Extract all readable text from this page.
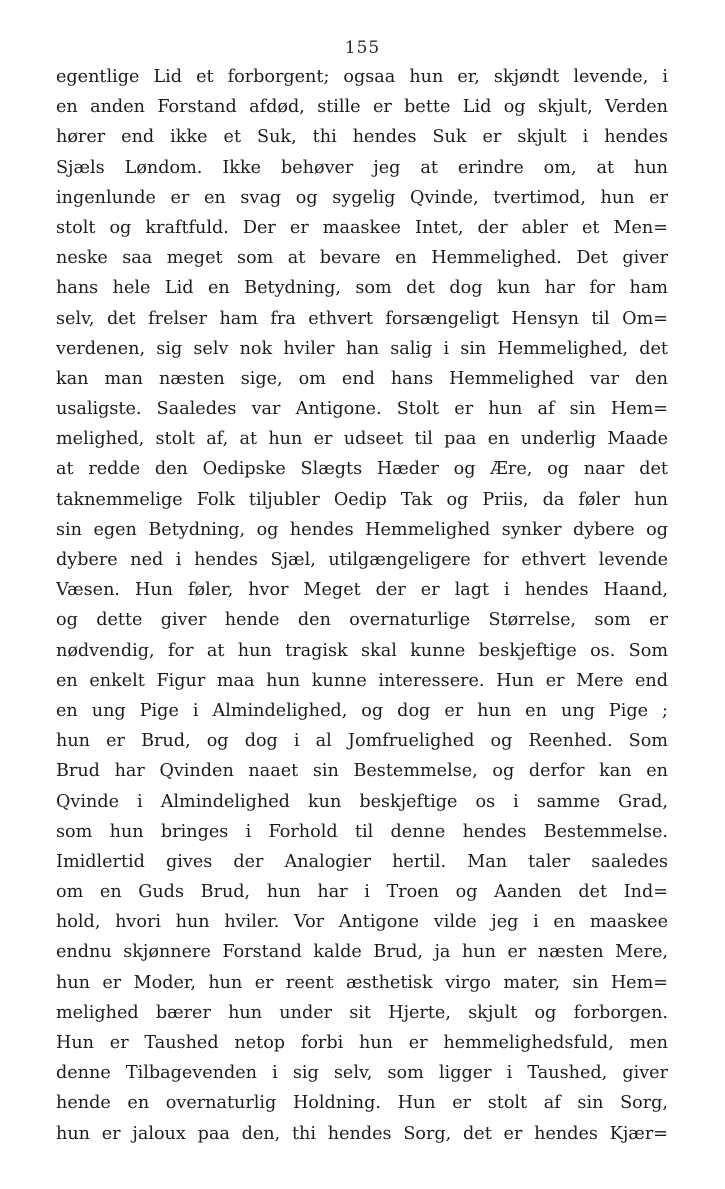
155
egentlige Lid et forborgent; ogsaa hun er, skjøndt levende, i
en anden Forstand afdød, stille er bette Lid og skjult, Verden
hører end ikke et Suk, thi hendes Suk er skjult i hendes
Sjæls Løndom. Ikke behøver jeg at erindre om, at hun
ingenlunde er en svag og sygelig Qvinde, tvertimod, hun er
stolt og kraftfuld. Der er maaskee Intet, der abler et Men=
neske saa meget som at bevare en Hemmelighed. Det giver
hans hele Lid en Betydning, som det dog kun har for ham
selv, det frelser ham fra ethvert forsængeligt Hensyn til Om=
verdenen, sig selv nok hviler han salig i sin Hemmelighed, det
kan man næsten sige, om end hans Hemmelighed var den
usaligste. Saaledes var Antigone. Stolt er hun af sin Hem=
melighed, stolt af, at hun er udseet til paa en underlig Maade
at redde den Oedipske Slægts Hæder og Ære, og naar det
taknemmelige Folk tiljubler Oedip Tak og Priis, da føler hun
sin egen Betydning, og hendes Hemmelighed synker dybere og
dybere ned i hendes Sjæl, utilgængeligere for ethvert levende
Væsen. Hun føler, hvor Meget der er lagt i hendes Haand,
og dette giver hende den overnaturlige Størrelse, som er
nødvendig, for at hun tragisk skal kunne beskjeftige os. Som
en enkelt Figur maa hun kunne interessere. Hun er Mere end
en ung Pige i Almindelighed, og dog er hun en ung Pige ;
hun er Brud, og dog i al Jomfruelighed og Reenhed. Som
Brud har Qvinden naaet sin Bestemmelse, og derfor kan en
Qvinde i Almindelighed kun beskjeftige os i samme Grad,
som hun bringes i Forhold til denne hendes Bestemmelse.
Imidlertid gives der Analogier hertil. Man taler saaledes
om en Guds Brud, hun har i Troen og Aanden det Ind=
hold, hvori hun hviler. Vor Antigone vilde jeg i en maaskee
endnu skjønnere Forstand kalde Brud, ja hun er næsten Mere,
hun er Moder, hun er reent æsthetisk virgo mater, sin Hem=
melighed bærer hun under sit Hjerte, skjult og forborgen.
Hun er Taushed netop forbi hun er hemmelighedsfuld, men
denne Tilbagevenden i sig selv, som ligger i Taushed, giver
hende en overnaturlig Holdning. Hun er stolt af sin Sorg,
hun er jaloux paa den, thi hendes Sorg, det er hendes Kjær=
